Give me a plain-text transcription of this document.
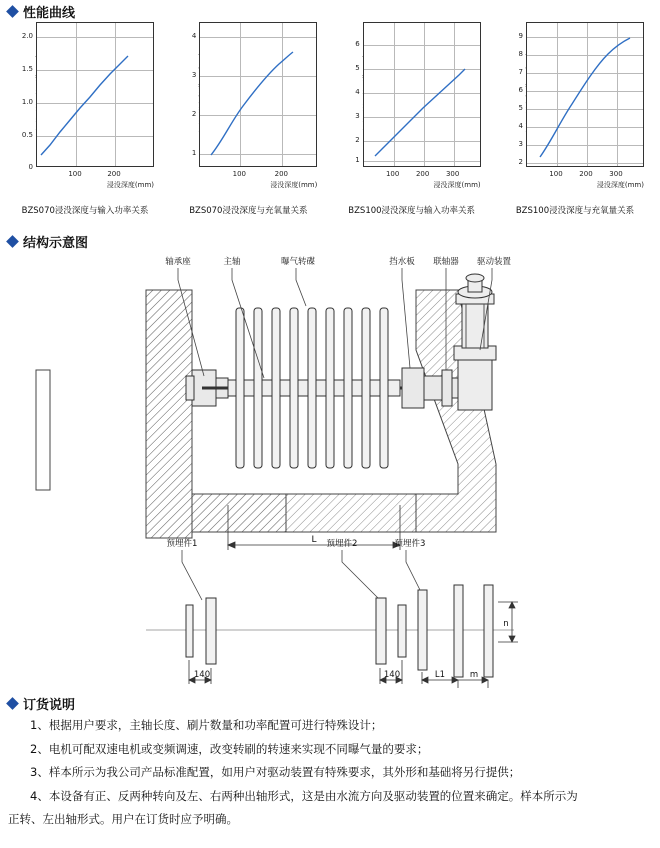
性能曲线
2.0
1.5
1.0
0.5
0
100	200
浸没深度(mm)
BZS070浸没深度与输入功率关系
4
3
2
1
100	200
浸没深度(mm)
BZS070浸没深度与充氧量关系
6
5
4
3
2
1
100 200 300
浸没深度(mm)
BZS100浸没深度与输入功率关系
9
8
7
6
5
4
3
2
100 200 300
浸没深度(mm)
BZS100浸没深度与充氧量关系
结构示意图
轴承座	主轴	曝气转碟	挡水板 联轴器 驱动装置
L
预埋件1	预埋件2	预埋件3
140	140	L1	m
n
订货说明

1、根据用户要求，主轴长度、刷片数量和功率配置可进行特殊设计；

2、电机可配双速电机或变频调速，改变转刷的转速来实现不同曝气量的要求；

3、样本所示为我公司产品标准配置，如用户对驱动装置有特殊要求，其外形和基础将另行提供；

4、本设备有正、反两种转向及左、右两种出轴形式，这是由水流方向及驱动装置的位置来确定。样本所示为

正转、左出轴形式。用户在订货时应予明确。
